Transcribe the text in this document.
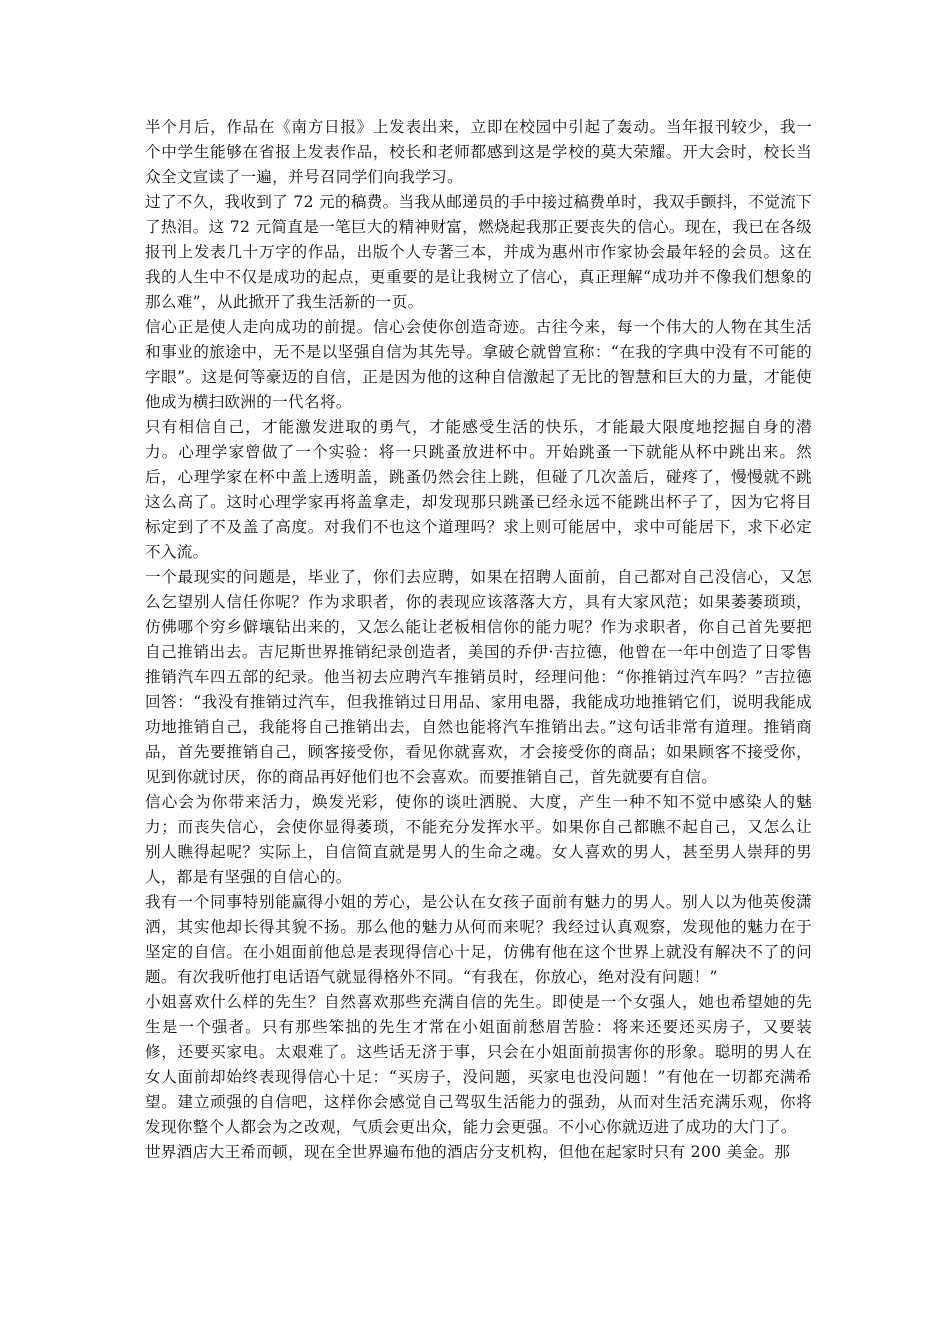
半个月后，作品在《南方日报》上发表出来，立即在校园中引起了轰动。当年报刊较少，我一个中学生能够在省报上发表作品，校长和老师都感到这是学校的莫大荣耀。开大会时，校长当众全文宣读了一遍，并号召同学们向我学习。

过了不久，我收到了 72 元的稿费。当我从邮递员的手中接过稿费单时，我双手颤抖，不觉流下了热泪。这 72 元简直是一笔巨大的精神财富，燃烧起我那正要丧失的信心。现在，我已在各级报刊上发表几十万字的作品，出版个人专著三本，并成为惠州市作家协会最年轻的会员。这在我的人生中不仅是成功的起点，更重要的是让我树立了信心，真正理解“成功并不像我们想象的那么难”，从此掀开了我生活新的一页。

信心正是使人走向成功的前提。信心会使你创造奇迹。古往今来，每一个伟大的人物在其生活和事业的旅途中，无不是以坚强自信为其先导。拿破仑就曾宣称：“在我的字典中没有不可能的字眼”。这是何等豪迈的自信，正是因为他的这种自信激起了无比的智慧和巨大的力量，才能使他成为横扫欧洲的一代名将。

只有相信自己，才能激发进取的勇气，才能感受生活的快乐，才能最大限度地挖掘自身的潜力。心理学家曾做了一个实验：将一只跳蚤放进杯中。开始跳蚤一下就能从杯中跳出来。然后，心理学家在杯中盖上透明盖，跳蚤仍然会往上跳，但碰了几次盖后，碰疼了，慢慢就不跳这么高了。这时心理学家再将盖拿走，却发现那只跳蚤已经永远不能跳出杯子了，因为它将目标定到了不及盖了高度。对我们不也这个道理吗？求上则可能居中，求中可能居下，求下必定不入流。

一个最现实的问题是，毕业了，你们去应聘，如果在招聘人面前，自己都对自己没信心，又怎么乞望别人信任你呢？作为求职者，你的表现应该落落大方，具有大家风范；如果萎萎琐琐，仿佛哪个穷乡僻壤钻出来的，又怎么能让老板相信你的能力呢？作为求职者，你自己首先要把自己推销出去。吉尼斯世界推销纪录创造者，美国的乔伊·吉拉德，他曾在一年中创造了日零售推销汽车四五部的纪录。他当初去应聘汽车推销员时，经理问他：“你推销过汽车吗？”吉拉德回答：“我没有推销过汽车，但我推销过日用品、家用电器，我能成功地推销它们，说明我能成功地推销自己，我能将自己推销出去，自然也能将汽车推销出去。”这句话非常有道理。推销商品，首先要推销自己，顾客接受你，看见你就喜欢，才会接受你的商品；如果顾客不接受你，见到你就讨厌，你的商品再好他们也不会喜欢。而要推销自己，首先就要有自信。

信心会为你带来活力，焕发光彩，使你的谈吐洒脱、大度，产生一种不知不觉中感染人的魅力；而丧失信心，会使你显得萎琐，不能充分发挥水平。如果你自己都瞧不起自己，又怎么让别人瞧得起呢？实际上，自信简直就是男人的生命之魂。女人喜欢的男人，甚至男人崇拜的男人，都是有坚强的自信心的。

我有一个同事特别能赢得小姐的芳心，是公认在女孩子面前有魅力的男人。别人以为他英俊潇洒，其实他却长得其貌不扬。那么他的魅力从何而来呢？我经过认真观察，发现他的魅力在于坚定的自信。在小姐面前他总是表现得信心十足，仿佛有他在这个世界上就没有解决不了的问题。有次我听他打电话语气就显得格外不同。“有我在，你放心，绝对没有问题！”

小姐喜欢什么样的先生？自然喜欢那些充满自信的先生。即使是一个女强人，她也希望她的先生是一个强者。只有那些笨拙的先生才常在小姐面前愁眉苦脸：将来还要还买房子，又要装修，还要买家电。太艰难了。这些话无济于事，只会在小姐面前损害你的形象。聪明的男人在女人面前却始终表现得信心十足：“买房子，没问题，买家电也没问题！”有他在一切都充满希望。建立顽强的自信吧，这样你会感觉自己驾驭生活能力的强劲，从而对生活充满乐观，你将发现你整个人都会为之改观，气质会更出众，能力会更强。不小心你就迈进了成功的大门了。

世界酒店大王希而顿，现在全世界遍布他的酒店分支机构，但他在起家时只有 200 美金。那
